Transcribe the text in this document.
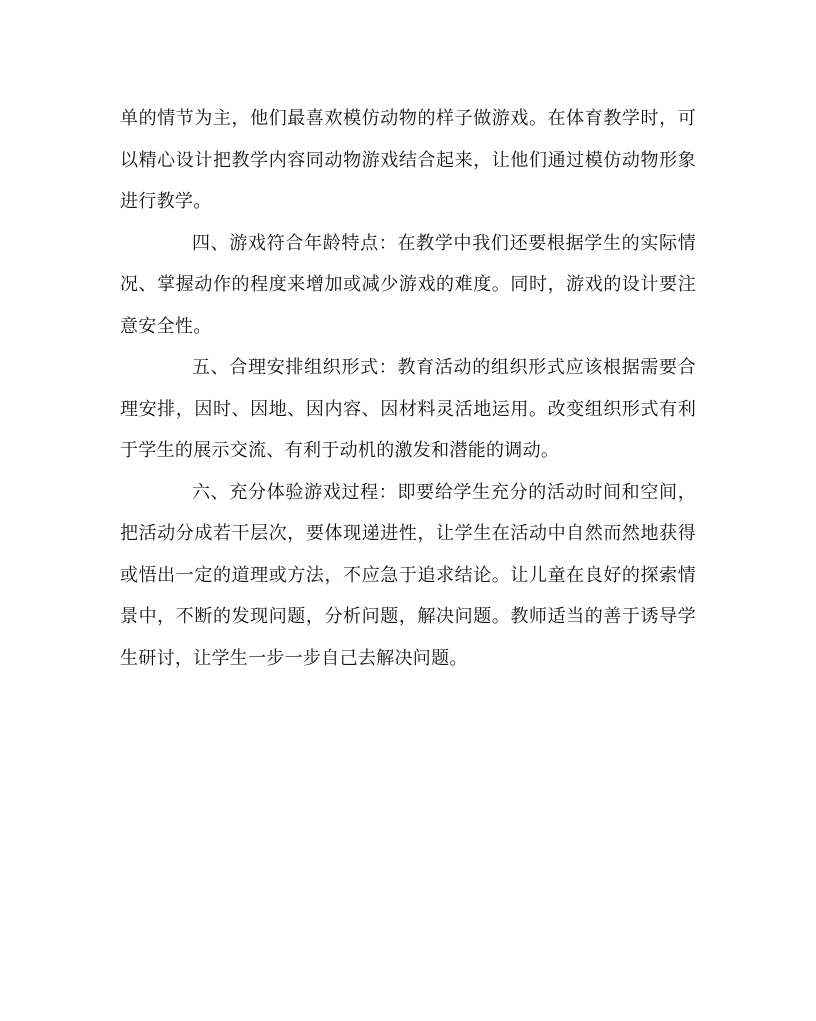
单的情节为主，他们最喜欢模仿动物的样子做游戏。在体育教学时，可以精心设计把教学内容同动物游戏结合起来，让他们通过模仿动物形象进行教学。

四、游戏符合年龄特点：在教学中我们还要根据学生的实际情况、掌握动作的程度来增加或减少游戏的难度。同时，游戏的设计要注意安全性。

五、合理安排组织形式：教育活动的组织形式应该根据需要合理安排，因时、因地、因内容、因材料灵活地运用。改变组织形式有利于学生的展示交流、有利于动机的激发和潜能的调动。

六、充分体验游戏过程：即要给学生充分的活动时间和空间，把活动分成若干层次，要体现递进性，让学生在活动中自然而然地获得或悟出一定的道理或方法，不应急于追求结论。让儿童在良好的探索情景中，不断的发现问题，分析问题，解决问题。教师适当的善于诱导学生研讨，让学生一步一步自己去解决问题。
